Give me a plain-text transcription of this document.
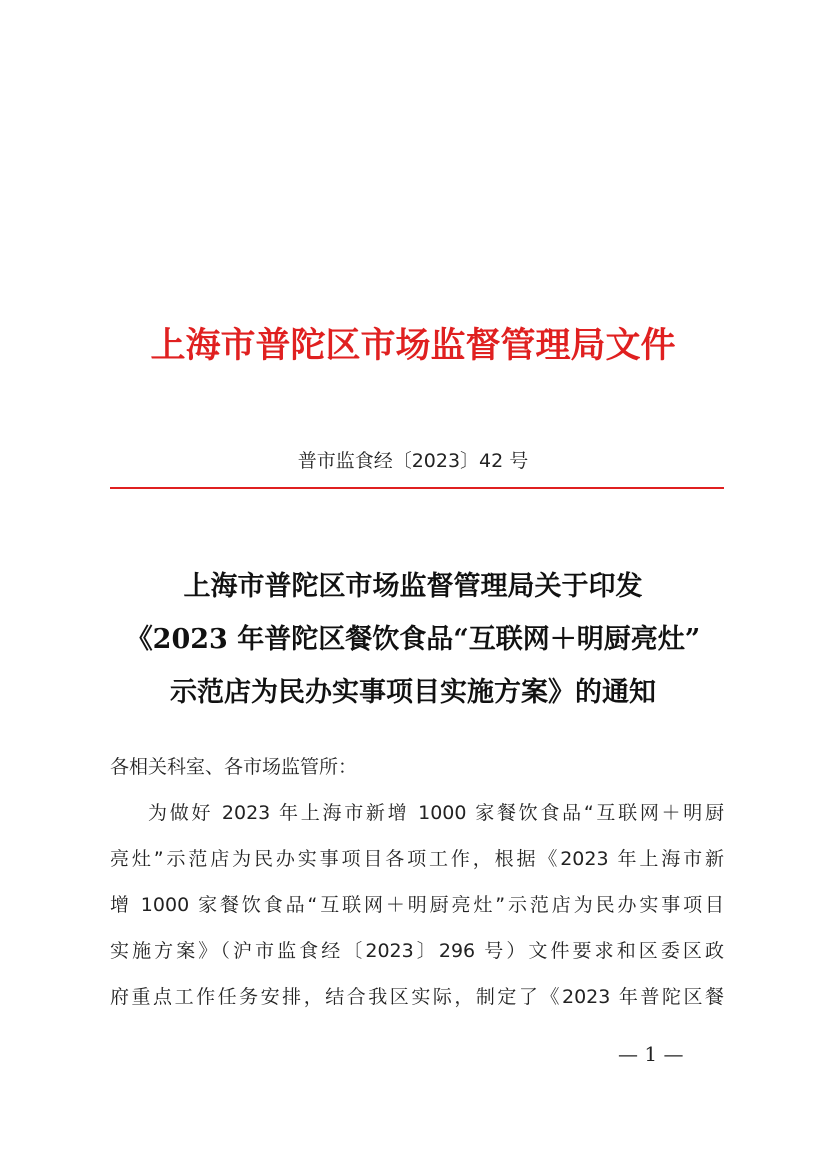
上海市普陀区市场监督管理局文件
普市监食经〔2023〕42 号
上海市普陀区市场监督管理局关于印发
《2023 年普陀区餐饮食品“互联网＋明厨亮灶”
示范店为民办实事项目实施方案》的通知
各相关科室、各市场监管所：
为做好 2023 年上海市新增 1000 家餐饮食品“互联网＋明厨
亮灶”示范店为民办实事项目各项工作，根据《2023 年上海市新
增 1000 家餐饮食品“互联网＋明厨亮灶”示范店为民办实事项目
实施方案》（沪市监食经〔2023〕296 号）文件要求和区委区政
府重点工作任务安排，结合我区实际，制定了《2023 年普陀区餐
— 1 —
